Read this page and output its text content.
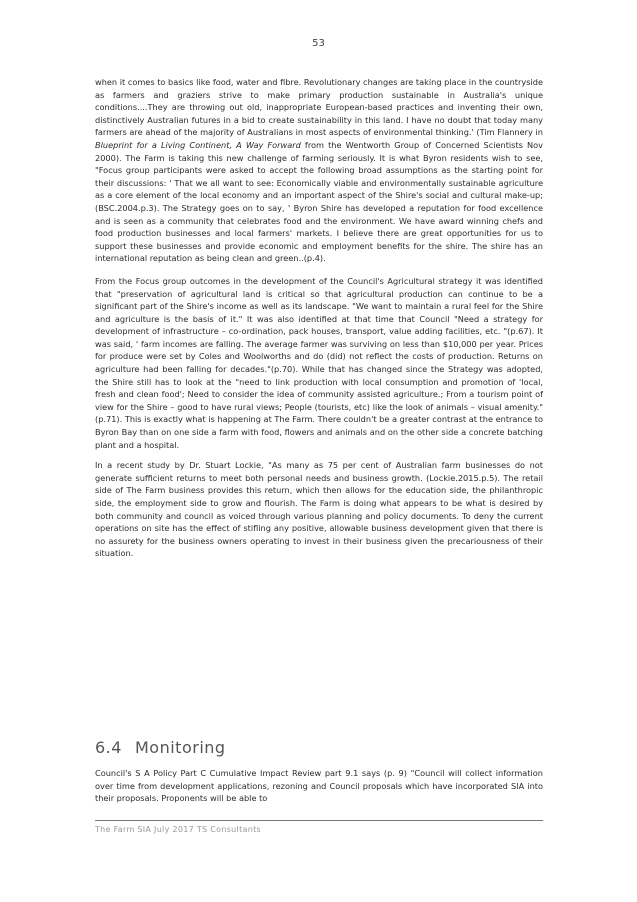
53

when it comes to basics like food, water and fibre. Revolutionary changes are taking place in the countryside as farmers and graziers strive to make primary production sustainable in Australia's unique conditions....They are throwing out old, inappropriate European-based practices and inventing their own, distinctively Australian futures in a bid to create sustainability in this land. I have no doubt that today many farmers are ahead of the majority of Australians in most aspects of environmental thinking.' (Tim Flannery in Blueprint for a Living Continent, A Way Forward from the Wentworth Group of Concerned Scientists Nov 2000). The Farm is taking this new challenge of farming seriously. It is what Byron residents wish to see, "Focus group participants were asked to accept the following broad assumptions as the starting point for their discussions: ' That we all want to see: Economically viable and environmentally sustainable agriculture as a core element of the local economy and an important aspect of the Shire's social and cultural make-up; (BSC.2004.p.3). The Strategy goes on to say, ' Byron Shire has developed a reputation for food excellence and is seen as a community that celebrates food and the environment. We have award winning chefs and food production businesses and local farmers' markets. I believe there are great opportunities for us to support these businesses and provide economic and employment benefits for the shire. The shire has an international reputation as being clean and green..(p.4).

From the Focus group outcomes in the development of the Council's Agricultural strategy it was identified that "preservation of agricultural land is critical so that agricultural production can continue to be a significant part of the Shire's income as well as its landscape. "We want to maintain a rural feel for the Shire and agriculture is the basis of it." It was also identified at that time that Council "Need a strategy for development of infrastructure – co-ordination, pack houses, transport, value adding facilities, etc. "(p.67). It was said, ' farm incomes are falling. The average farmer was surviving on less than $10,000 per year. Prices for produce were set by Coles and Woolworths and do (did) not reflect the costs of production. Returns on agriculture had been falling for decades."(p.70). While that has changed since the Strategy was adopted, the Shire still has to look at the "need to link production with local consumption and promotion of 'local, fresh and clean food'; Need to consider the idea of community assisted agriculture.; From a tourism point of view for the Shire – good to have rural views; People (tourists, etc) like the look of animals – visual amenity." (p.71). This is exactly what is happening at The Farm. There couldn't be a greater contrast at the entrance to Byron Bay than on one side a farm with food, flowers and animals and on the other side a concrete batching plant and a hospital.

In a recent study by Dr. Stuart Lockie, "As many as 75 per cent of Australian farm businesses do not generate sufficient returns to meet both personal needs and business growth. (Lockie.2015.p.5). The retail side of The Farm business provides this return, which then allows for the education side, the philanthropic side, the employment side to grow and flourish. The Farm is doing what appears to be what is desired by both community and council as voiced through various planning and policy documents. To deny the current operations on site has the effect of stifling any positive, allowable business development given that there is no assurety for the business owners operating to invest in their business given the precariousness of their situation.

6.4 Monitoring

Council's S A Policy Part C Cumulative Impact Review part 9.1 says (p. 9) "Council will collect information over time from development applications, rezoning and Council proposals which have incorporated SIA into their proposals. Proponents will be able to

The Farm SIA July 2017 TS Consultants
